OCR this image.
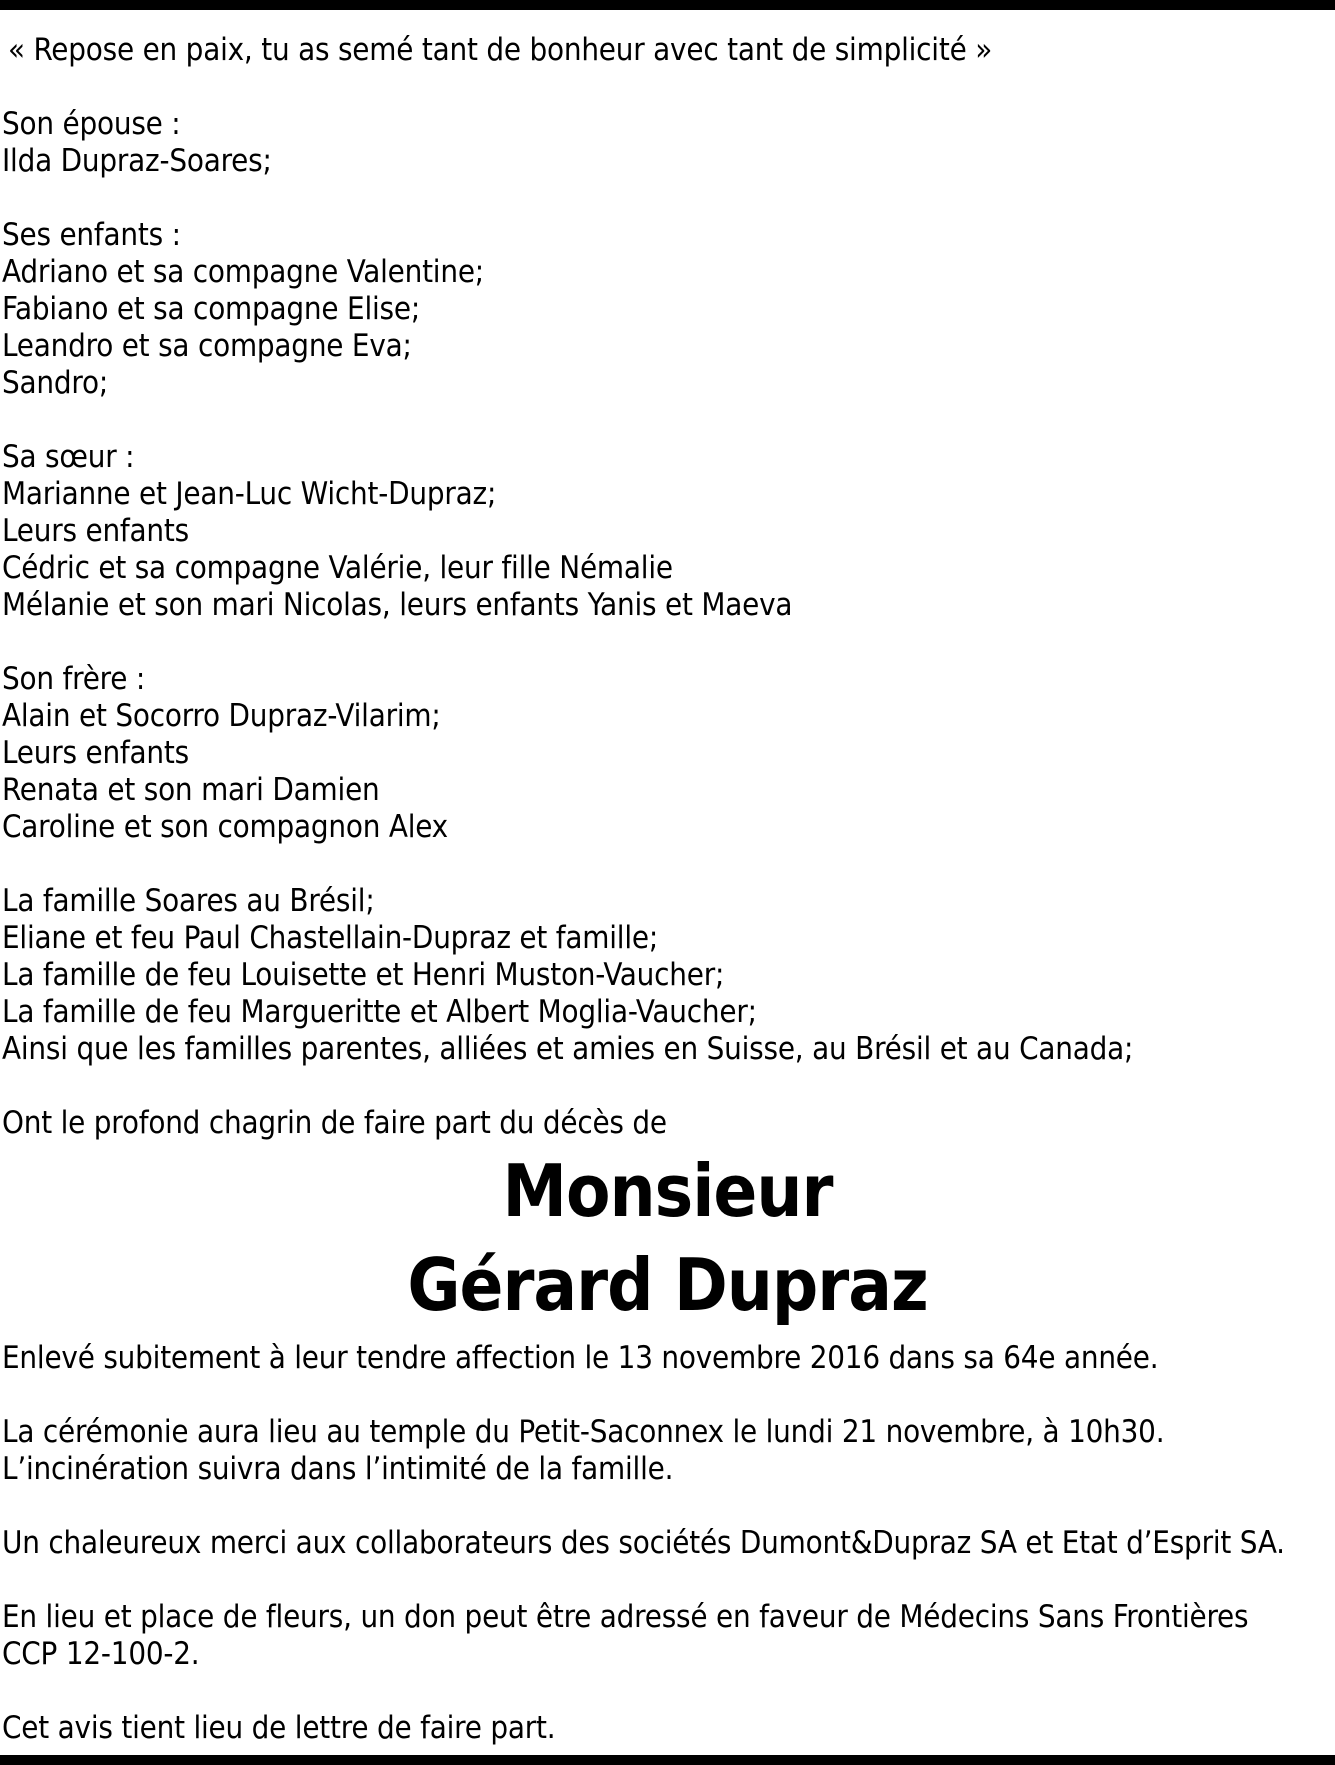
« Repose en paix, tu as semé tant de bonheur avec tant de simplicité »
Son épouse :
Ilda Dupraz-Soares;
Ses enfants :
Adriano et sa compagne Valentine;
Fabiano et sa compagne Elise;
Leandro et sa compagne Eva;
Sandro;
Sa sœur :
Marianne et Jean-Luc Wicht-Dupraz;
Leurs enfants
Cédric et sa compagne Valérie, leur fille Némalie
Mélanie et son mari Nicolas, leurs enfants Yanis et Maeva
Son frère :
Alain et Socorro Dupraz-Vilarim;
Leurs enfants
Renata et son mari Damien
Caroline et son compagnon Alex
La famille Soares au Brésil;
Eliane et feu Paul Chastellain-Dupraz et famille;
La famille de feu Louisette et Henri Muston-Vaucher;
La famille de feu Margueritte et Albert Moglia-Vaucher;
Ainsi que les familles parentes, alliées et amies en Suisse, au Brésil et au Canada;
Ont le profond chagrin de faire part du décès de
Monsieur
Gérard Dupraz
Enlevé subitement à leur tendre affection le 13 novembre 2016 dans sa 64e année.
La cérémonie aura lieu au temple du Petit-Saconnex le lundi 21 novembre, à 10h30.
L’incinération suivra dans l’intimité de la famille.
Un chaleureux merci aux collaborateurs des sociétés Dumont&Dupraz SA et Etat d’Esprit SA.
En lieu et place de fleurs, un don peut être adressé en faveur de Médecins Sans Frontières
CCP 12-100-2.
Cet avis tient lieu de lettre de faire part.
